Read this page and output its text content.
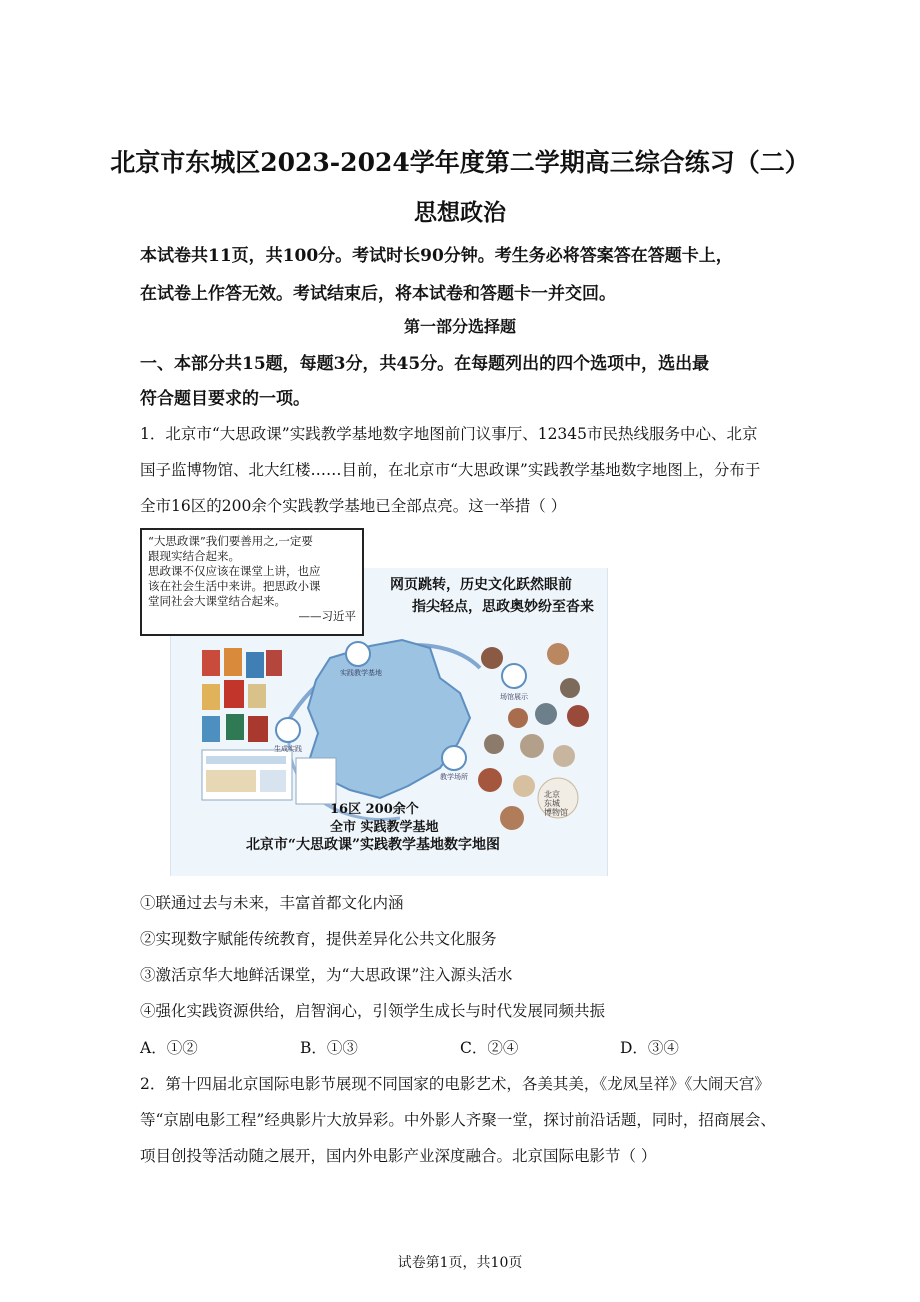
北京市东城区2023-2024学年度第二学期高三综合练习（二）
思想政治
本试卷共11页，共100分。考试时长90分钟。考生务必将答案答在答题卡上，
在试卷上作答无效。考试结束后，将本试卷和答题卡一并交回。
第一部分选择题
一、本部分共15题，每题3分，共45分。在每题列出的四个选项中，选出最
符合题目要求的一项。
1．北京市“大思政课”实践教学基地数字地图前门议事厅、12345市民热线服务中心、北京
国子监博物馆、北大红楼……目前，在北京市“大思政课”实践教学基地数字地图上，分布于
全市16区的200余个实践教学基地已全部点亮。这一举措（ ）
“大思政课”我们要善用之,一定要
跟现实结合起来。
思政课不仅应该在课堂上讲，也应
该在社会生活中来讲。把思政小课
堂同社会大课堂结合起来。
——习近平
网页跳转，历史文化跃然眼前
指尖轻点，思政奥妙纷至沓来
实践教学基地
场馆展示
生成实践
教学场所
北京
东城
博物馆
16区 200余个
全市 实践教学基地
北京市“大思政课”实践教学基地数字地图
①联通过去与未来，丰富首都文化内涵
②实现数字赋能传统教育，提供差异化公共文化服务
③激活京华大地鲜活课堂，为“大思政课”注入源头活水
④强化实践资源供给，启智润心，引领学生成长与时代发展同频共振
A．①②	B．①③	C．②④	D．③④
2．第十四届北京国际电影节展现不同国家的电影艺术，各美其美，《龙凤呈祥》《大闹天宫》
等“京剧电影工程”经典影片大放异彩。中外影人齐聚一堂，探讨前沿话题，同时，招商展会、
项目创投等活动随之展开，国内外电影产业深度融合。北京国际电影节（ ）
试卷第1页，共10页
